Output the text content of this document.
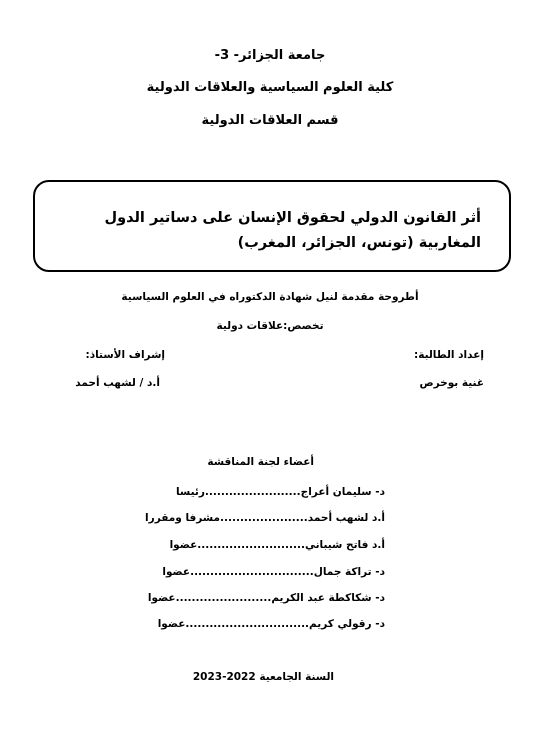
جامعة الجزائر- 3-
كلية العلوم السياسية والعلاقات الدولية
قسم العلاقات الدولية
أثر القانون الدولي لحقوق الإنسان على دساتير الدول المغاربية (تونس، الجزائر، المغرب)
أطروحة مقدمة لنيل شهادة الدكتوراه في العلوم السياسية
تخصص:علاقات دولية
إعداد الطالبة:
غنية بوخرص
إشراف الأستاذ:
أ.د / لشهب أحمد
أعضاء لجنة المناقشة
د- سليمان أعراج........................رئيسا
أ.د لشهب أحمد......................مشرفا ومقررا
أ.د فاتح شيباني...........................عضوا
د- تراكة جمال...............................عضوا
د- شكاكطة عبد الكريم........................عضوا
د- رقولي كريم...............................عضوا
السنة الجامعية 2022-2023
